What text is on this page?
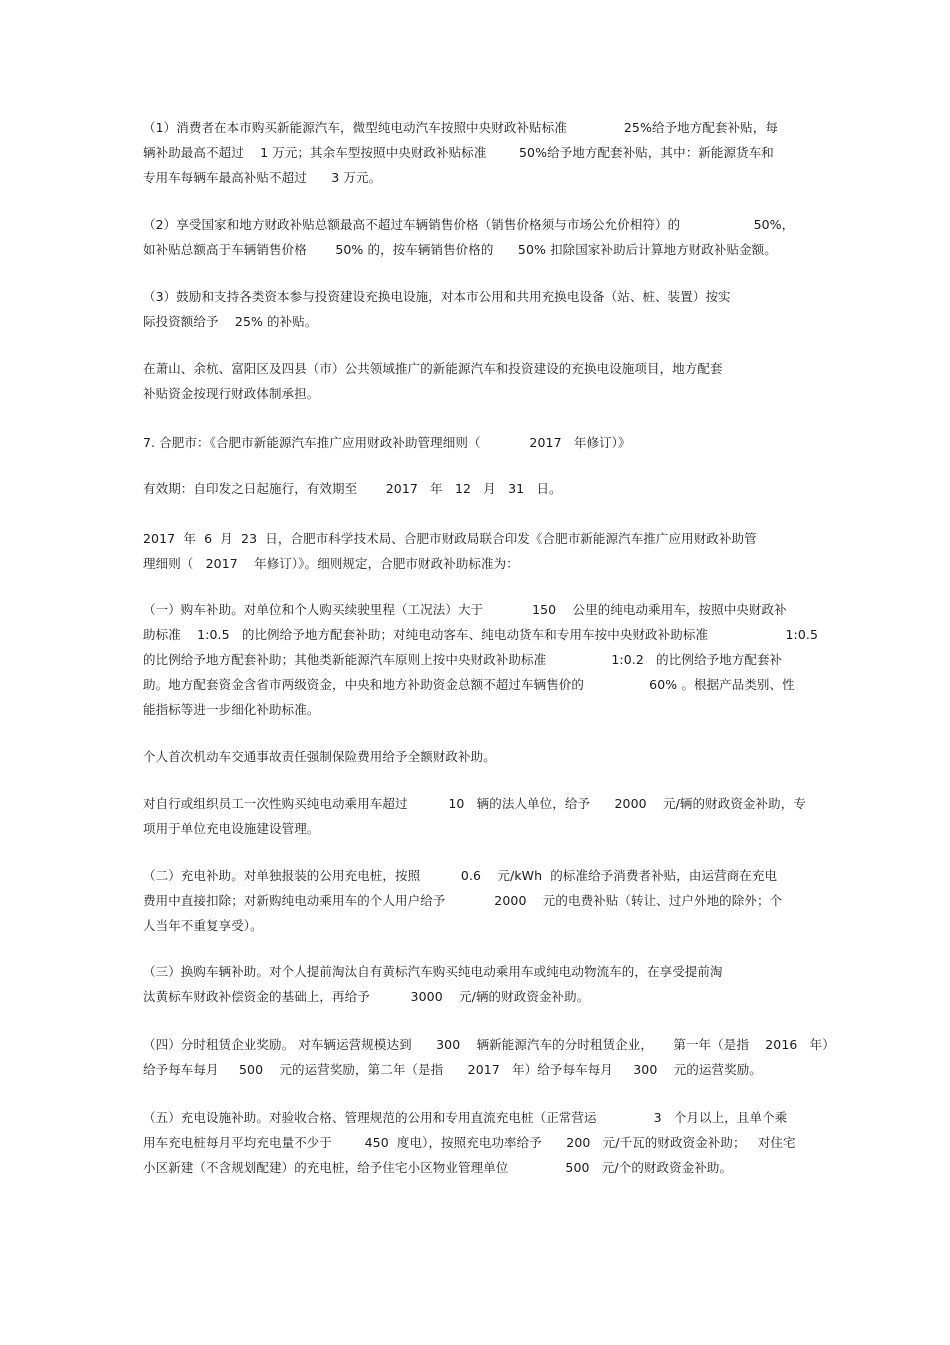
（1）消费者在本市购买新能源汽车，微型纯电动汽车按照中央财政补贴标准              25%给予地方配套补贴，每
辆补助最高不超过    1 万元；其余车型按照中央财政补贴标准        50%给予地方配套补贴，其中：新能源货车和
专用车每辆车最高补贴不超过      3 万元。
（2）享受国家和地方财政补贴总额最高不超过车辆销售价格（销售价格须与市场公允价相符）的                  50%，
如补贴总额高于车辆销售价格       50% 的，按车辆销售价格的      50% 扣除国家补助后计算地方财政补贴金额。
（3）鼓励和支持各类资本参与投资建设充换电设施，对本市公用和共用充换电设备（站、桩、装置）按实
际投资额给予    25% 的补贴。
在萧山、余杭、富阳区及四县（市）公共领域推广的新能源汽车和投资建设的充换电设施项目，地方配套
补贴资金按现行财政体制承担。
7. 合肥市：《合肥市新能源汽车推广应用财政补助管理细则（            2017   年修订）》
有效期：自印发之日起施行，有效期至       2017   年   12   月   31   日。
2017  年  6  月  23  日，合肥市科学技术局、合肥市财政局联合印发《合肥市新能源汽车推广应用财政补助管
理细则（   2017    年修订）》。细则规定，合肥市财政补助标准为：
（一）购车补助。对单位和个人购买续驶里程（工况法）大于            150    公里的纯电动乘用车，按照中央财政补
助标准    1:0.5   的比例给予地方配套补助；对纯电动客车、纯电动货车和专用车按中央财政补助标准                   1:0.5
的比例给予地方配套补助；其他类新能源汽车原则上按中央财政补助标准                1:0.2   的比例给予地方配套补
助。地方配套资金含省市两级资金，中央和地方补助资金总额不超过车辆售价的                60% 。根据产品类别、性
能指标等进一步细化补助标准。
个人首次机动车交通事故责任强制保险费用给予全额财政补助。
对自行或组织员工一次性购买纯电动乘用车超过          10   辆的法人单位，给予      2000    元/辆的财政资金补助，专
项用于单位充电设施建设管理。
（二）充电补助。对单独报装的公用充电桩，按照          0.6    元/kWh  的标准给予消费者补贴，由运营商在充电
费用中直接扣除；对新购纯电动乘用车的个人用户给予            2000    元的电费补贴（转让、过户外地的除外；个
人当年不重复享受）。
（三）换购车辆补助。对个人提前淘汰自有黄标汽车购买纯电动乘用车或纯电动物流车的，在享受提前淘
汰黄标车财政补偿资金的基础上，再给予          3000    元/辆的财政资金补助。
（四）分时租赁企业奖励。 对车辆运营规模达到      300    辆新能源汽车的分时租赁企业，     第一年（是指    2016   年）
给予每车每月     500    元的运营奖励，第二年（是指      2017   年）给予每车每月     300    元的运营奖励。
（五）充电设施补助。对验收合格、管理规范的公用和专用直流充电桩（正常营运              3   个月以上，且单个乘
用车充电桩每月平均充电量不少于        450  度电），按照充电功率给予      200   元/千瓦的财政资金补助；   对住宅
小区新建（不含规划配建）的充电桩，给予住宅小区物业管理单位              500   元/个的财政资金补助。
